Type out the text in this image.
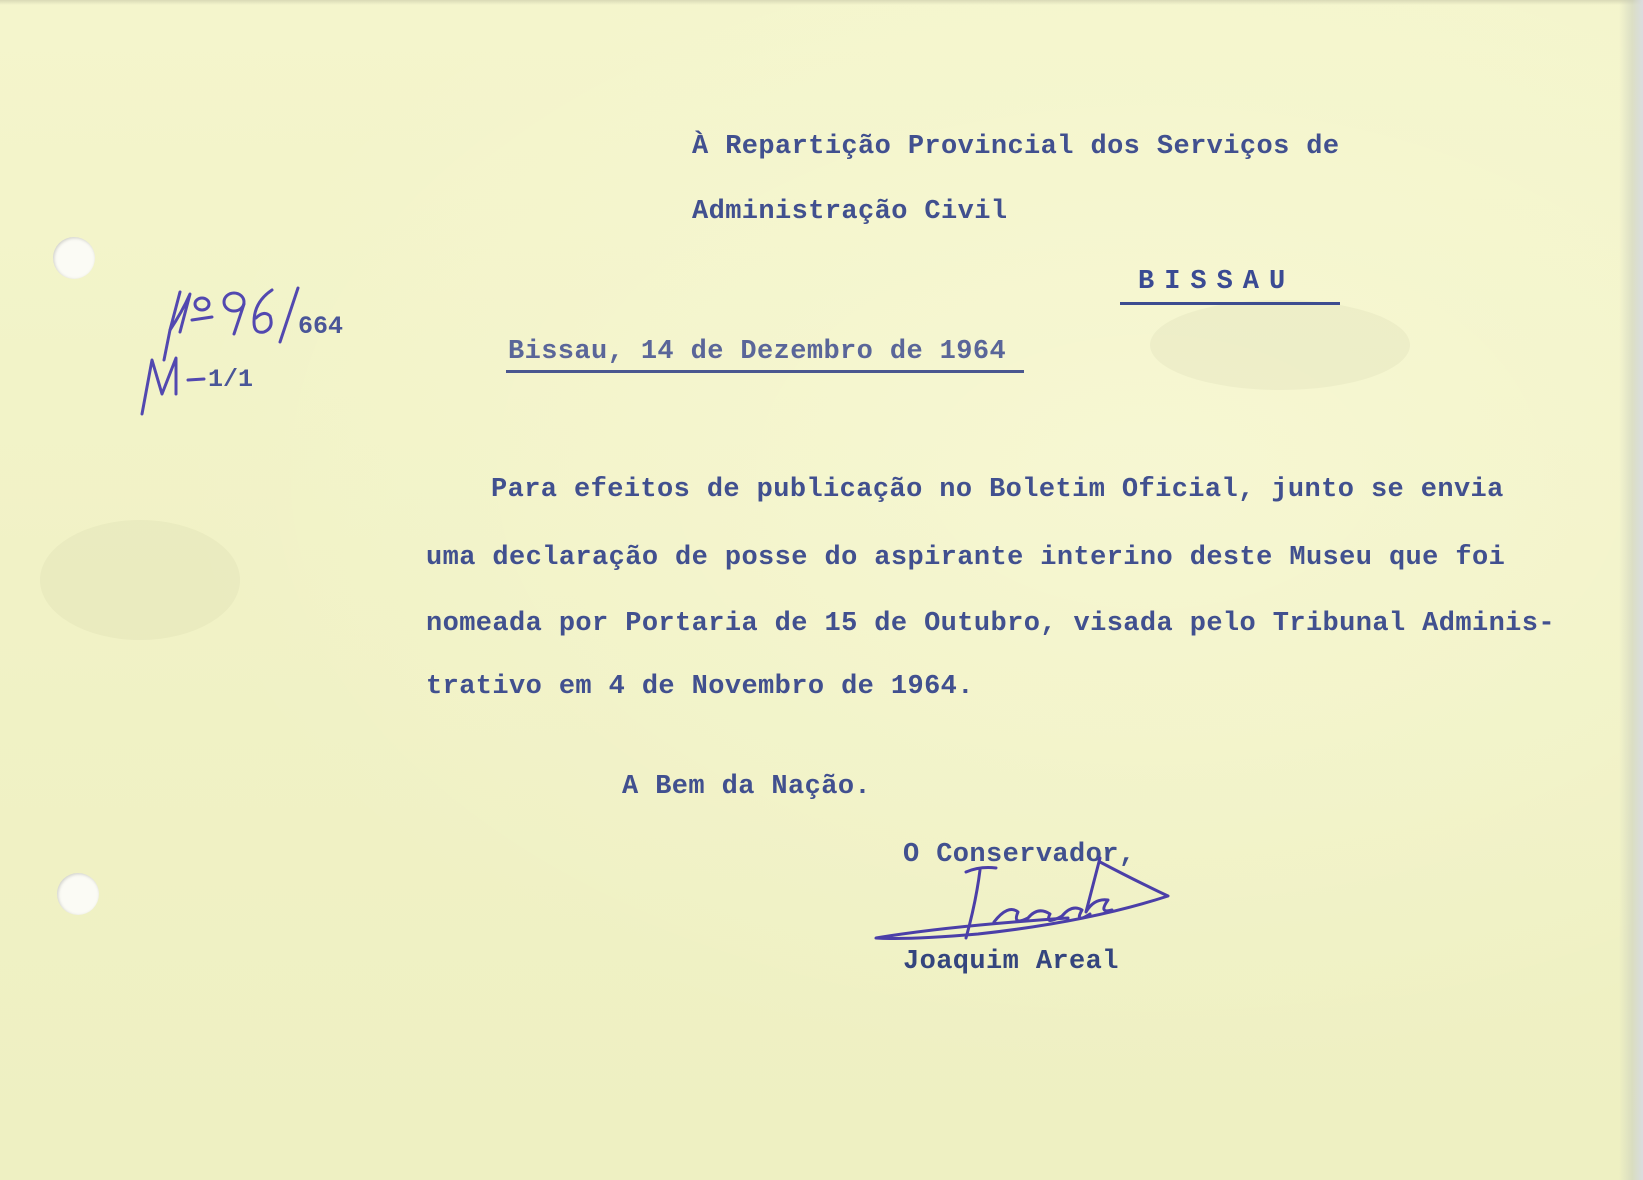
664

1/1

À Repartição Provincial dos Serviços de

Administração Civil

BISSAU

Bissau, 14 de Dezembro de 1964

Para efeitos de publicação no Boletim Oficial, junto se envia

uma declaração de posse do aspirante interino deste Museu que foi

nomeada por Portaria de 15 de Outubro, visada pelo Tribunal Adminis-

trativo em 4 de Novembro de 1964.

A Bem da Nação.

O Conservador,

Joaquim Areal
